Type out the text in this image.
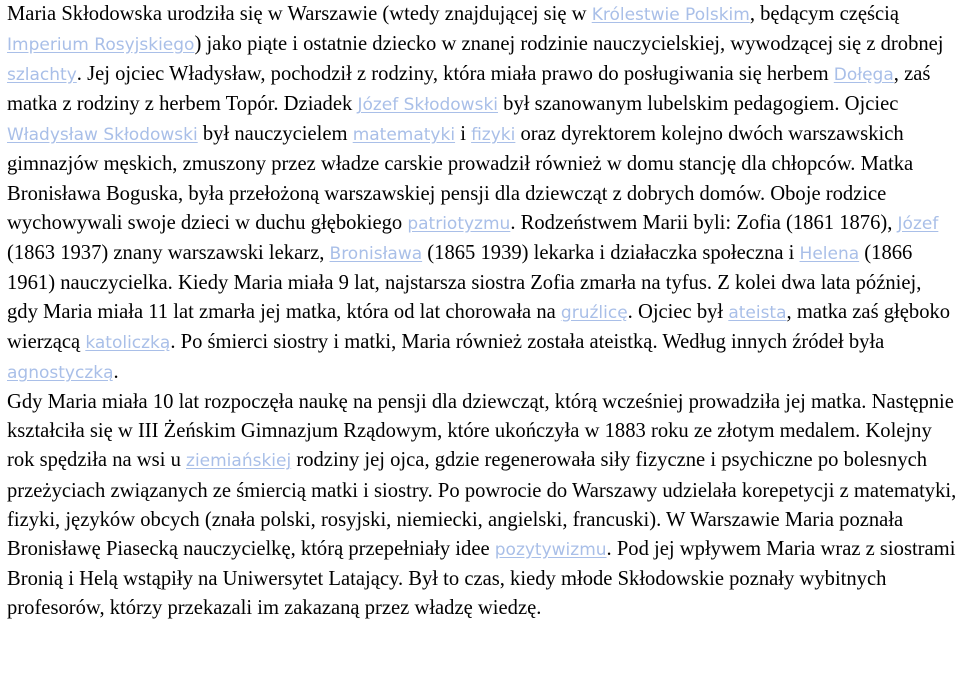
Maria Skłodowska urodziła się w Warszawie (wtedy znajdującej się w Królestwie Polskim, będącym częścią Imperium Rosyjskiego) jako piąte i ostatnie dziecko w znanej rodzinie nauczycielskiej, wywodzącej się z drobnej szlachty. Jej ojciec Władysław, pochodził z rodziny, która miała prawo do posługiwania się herbem Dołęga, zaś matka z rodziny z herbem Topór. Dziadek Józef Skłodowski był szanowanym lubelskim pedagogiem. Ojciec Władysław Skłodowski był nauczycielem matematyki i fizyki oraz dyrektorem kolejno dwóch warszawskich gimnazjów męskich, zmuszony przez władze carskie prowadził również w domu stancję dla chłopców. Matka Bronisława Boguska, była przełożoną warszawskiej pensji dla dziewcząt z dobrych domów. Oboje rodzice wychowywali swoje dzieci w duchu głębokiego patriotyzmu. Rodzeństwem Marii byli: Zofia (1861 1876), Józef (1863 1937) znany warszawski lekarz, Bronisława (1865 1939) lekarka i działaczka społeczna i Helena (1866 1961) nauczycielka. Kiedy Maria miała 9 lat, najstarsza siostra Zofia zmarła na tyfus. Z kolei dwa lata później, gdy Maria miała 11 lat zmarła jej matka, która od lat chorowała na gruźlicę. Ojciec był ateista, matka zaś głęboko wierzącą katoliczką. Po śmierci siostry i matki, Maria również została ateistką. Według innych źródeł była agnostyczką.

Gdy Maria miała 10 lat rozpoczęła naukę na pensji dla dziewcząt, którą wcześniej prowadziła jej matka. Następnie kształciła się w III Żeńskim Gimnazjum Rządowym, które ukończyła w 1883 roku ze złotym medalem. Kolejny rok spędziła na wsi u ziemiańskiej rodziny jej ojca, gdzie regenerowała siły fizyczne i psychiczne po bolesnych przeżyciach związanych ze śmiercią matki i siostry. Po powrocie do Warszawy udzielała korepetycji z matematyki, fizyki, języków obcych (znała polski, rosyjski, niemiecki, angielski, francuski). W Warszawie Maria poznała Bronisławę Piasecką nauczycielkę, którą przepełniały idee pozytywizmu. Pod jej wpływem Maria wraz z siostrami Bronią i Helą wstąpiły na Uniwersytet Latający. Był to czas, kiedy młode Skłodowskie poznały wybitnych profesorów, którzy przekazali im zakazaną przez władzę wiedzę.
